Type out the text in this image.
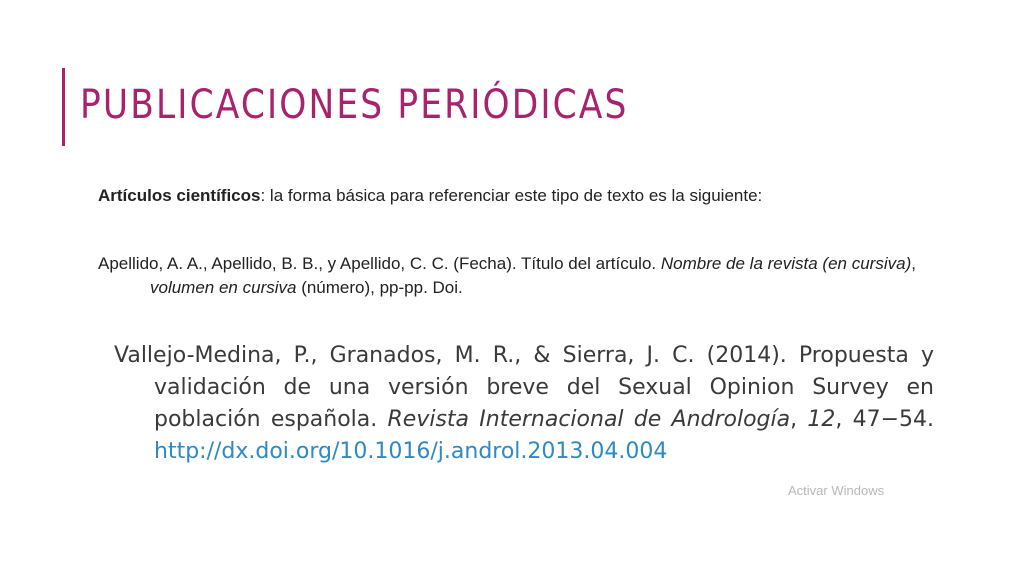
PUBLICACIONES PERIÓDICAS

Artículos científicos: la forma básica para referenciar este tipo de texto es la siguiente:

Apellido, A. A., Apellido, B. B., y Apellido, C. C. (Fecha). Título del artículo. Nombre de la revista (en cursiva), volumen en cursiva (número), pp-pp. Doi.

Vallejo-Medina, P., Granados, M. R., & Sierra, J. C. (2014). Propuesta y validación de una versión breve del Sexual Opinion Survey en población española. Revista Internacional de Andrología, 12, 47−54. http://dx.doi.org/10.1016/j.androl.2013.04.004
Activar Windows
